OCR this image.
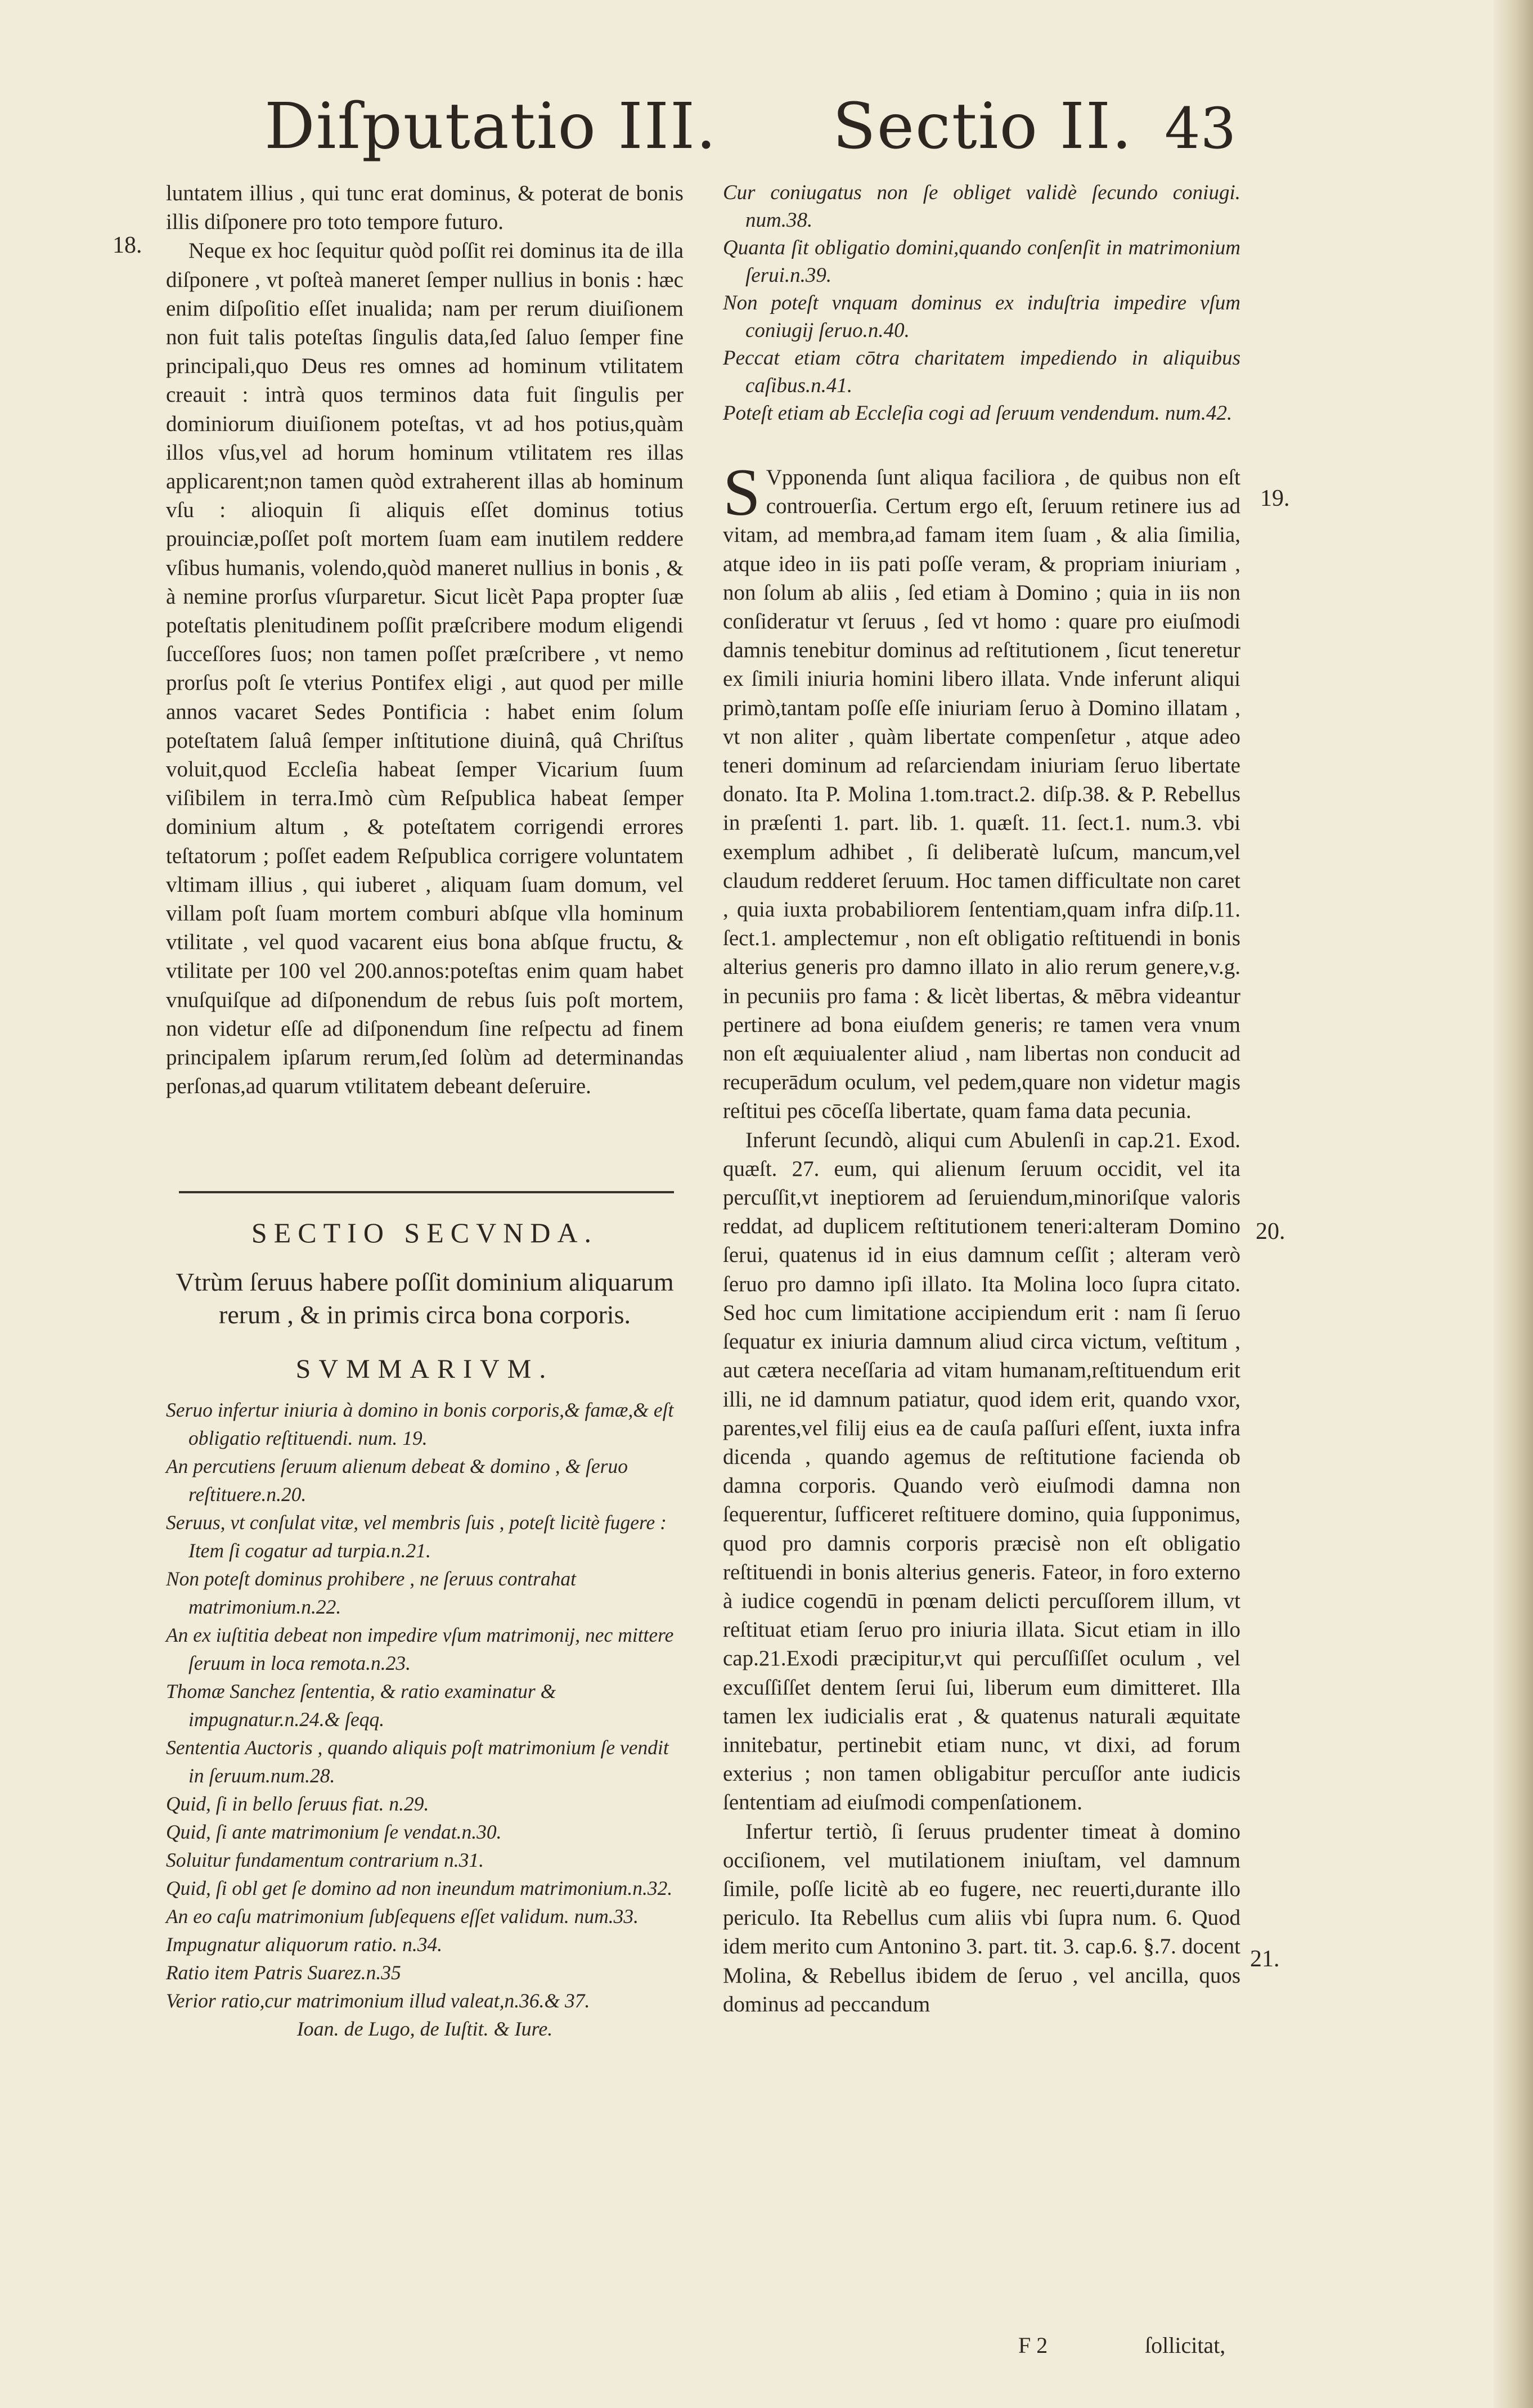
Diſputatio III. Sectio II. 43
18.
19.
20.
21.

luntatem illius , qui tunc erat dominus, & poterat de bonis illis diſponere pro toto tempore futuro.

Neque ex hoc ſequitur quòd poſſit rei dominus ita de illa diſponere , vt poſteà maneret ſemper nullius in bonis : hæc enim diſpoſitio eſſet inualida; nam per rerum diuiſionem non fuit talis poteſtas ſingulis data,ſed ſaluo ſemper fine principali,quo Deus res omnes ad hominum vtilitatem creauit : intrà quos terminos data fuit ſingulis per dominiorum diuiſionem poteſtas, vt ad hos potius,quàm illos vſus,vel ad horum hominum vtilitatem res illas applicarent;non tamen quòd extraherent illas ab hominum vſu : alioquin ſi aliquis eſſet dominus totius prouinciæ,poſſet poſt mortem ſuam eam inutilem reddere vſibus humanis, volendo,quòd maneret nullius in bonis , & à nemine prorſus vſurparetur. Sicut licèt Papa propter ſuæ poteſtatis plenitudinem poſſit præſcribere modum eligendi ſucceſſores ſuos; non tamen poſſet præſcribere , vt nemo prorſus poſt ſe vterius Pontifex eligi , aut quod per mille annos vacaret Sedes Pontificia : habet enim ſolum poteſtatem ſaluâ ſemper inſtitutione diuinâ, quâ Chriſtus voluit,quod Eccleſia habeat ſemper Vicarium ſuum viſibilem in terra.Imò cùm Reſpublica habeat ſemper dominium altum , & poteſtatem corrigendi errores teſtatorum ; poſſet eadem Reſpublica corrigere voluntatem vltimam illius , qui iuberet , aliquam ſuam domum, vel villam poſt ſuam mortem comburi abſque vlla hominum vtilitate , vel quod vacarent eius bona abſque fructu, & vtilitate per 100 vel 200.annos:poteſtas enim quam habet vnuſquiſque ad diſponendum de rebus ſuis poſt mortem, non videtur eſſe ad diſponendum ſine reſpectu ad finem principalem ipſarum rerum,ſed ſolùm ad determinandas perſonas,ad quarum vtilitatem debeant deſeruire.

SECTIO SECVNDA.
Vtrùm ſeruus habere poſſit dominium aliquarum rerum , & in primis circa bona corporis.
SVMMARIVM.
Seruo infertur iniuria à domino in bonis corporis,& famæ,& eſt obligatio reſtituendi. num. 19.
An percutiens ſeruum alienum debeat & domino , & ſeruo reſtituere.n.20.
Seruus, vt conſulat vitæ, vel membris ſuis , poteſt licitè fugere : Item ſi cogatur ad turpia.n.21.
Non poteſt dominus prohibere , ne ſeruus contrahat matrimonium.n.22.
An ex iuſtitia debeat non impedire vſum matrimonij, nec mittere ſeruum in loca remota.n.23.
Thomæ Sanchez ſententia, & ratio examinatur & impugnatur.n.24.& ſeqq.
Sententia Auctoris , quando aliquis poſt matrimonium ſe vendit in ſeruum.num.28.
Quid, ſi in bello ſeruus fiat. n.29.
Quid, ſi ante matrimonium ſe vendat.n.30.
Soluitur fundamentum contrarium n.31.
Quid, ſi obl get ſe domino ad non ineundum matrimonium.n.32.
An eo caſu matrimonium ſubſequens eſſet validum. num.33.
Impugnatur aliquorum ratio. n.34.
Ratio item Patris Suarez.n.35
Verior ratio,cur matrimonium illud valeat,n.36.& 37.
Ioan. de Lugo, de Iuſtit. & Iure.
Cur coniugatus non ſe obliget validè ſecundo coniugi. num.38.
Quanta ſit obligatio domini,quando conſenſit in matrimonium ſerui.n.39.
Non poteſt vnquam dominus ex induſtria impedire vſum coniugij ſeruo.n.40.
Peccat etiam cōtra charitatem impediendo in aliquibus caſibus.n.41.
Poteſt etiam ab Eccleſia cogi ad ſeruum vendendum. num.42.

S Vpponenda ſunt aliqua faciliora , de quibus non eſt controuerſia. Certum ergo eſt, ſeruum retinere ius ad vitam, ad membra,ad famam item ſuam , & alia ſimilia, atque ideo in iis pati poſſe veram, & propriam iniuriam , non ſolum ab aliis , ſed etiam à Domino ; quia in iis non conſideratur vt ſeruus , ſed vt homo : quare pro eiuſmodi damnis tenebitur dominus ad reſtitutionem , ſicut teneretur ex ſimili iniuria homini libero illata. Vnde inferunt aliqui primò,tantam poſſe eſſe iniuriam ſeruo à Domino illatam , vt non aliter , quàm libertate compenſetur , atque adeo teneri dominum ad reſarciendam iniuriam ſeruo libertate donato. Ita P. Molina 1.tom.tract.2. diſp.38. & P. Rebellus in præſenti 1. part. lib. 1. quæſt. 11. ſect.1. num.3. vbi exemplum adhibet , ſi deliberatè luſcum, mancum,vel claudum redderet ſeruum. Hoc tamen difficultate non caret , quia iuxta probabiliorem ſententiam,quam infra diſp.11. ſect.1. amplectemur , non eſt obligatio reſtituendi in bonis alterius generis pro damno illato in alio rerum genere,v.g. in pecuniis pro fama : & licèt libertas, & mēbra videantur pertinere ad bona eiuſdem generis; re tamen vera vnum non eſt æquiualenter aliud , nam libertas non conducit ad recuperādum oculum, vel pedem,quare non videtur magis reſtitui pes cōceſſa libertate, quam fama data pecunia.

Inferunt ſecundò, aliqui cum Abulenſi in cap.21. Exod. quæſt. 27. eum, qui alienum ſeruum occidit, vel ita percuſſit,vt ineptiorem ad ſeruiendum,minoriſque valoris reddat, ad duplicem reſtitutionem teneri:alteram Domino ſerui, quatenus id in eius damnum ceſſit ; alteram verò ſeruo pro damno ipſi illato. Ita Molina loco ſupra citato. Sed hoc cum limitatione accipiendum erit : nam ſi ſeruo ſequatur ex iniuria damnum aliud circa victum, veſtitum , aut cætera neceſſaria ad vitam humanam,reſtituendum erit illi, ne id damnum patiatur, quod idem erit, quando vxor, parentes,vel filij eius ea de cauſa paſſuri eſſent, iuxta infra dicenda , quando agemus de reſtitutione facienda ob damna corporis. Quando verò eiuſmodi damna non ſequerentur, ſufficeret reſtituere domino, quia ſupponimus, quod pro damnis corporis præcisè non eſt obligatio reſtituendi in bonis alterius generis. Fateor, in foro externo à iudice cogendū in pœnam delicti percuſſorem illum, vt reſtituat etiam ſeruo pro iniuria illata. Sicut etiam in illo cap.21.Exodi præcipitur,vt qui percuſſiſſet oculum , vel excuſſiſſet dentem ſerui ſui, liberum eum dimitteret. Illa tamen lex iudicialis erat , & quatenus naturali æquitate innitebatur, pertinebit etiam nunc, vt dixi, ad forum exterius ; non tamen obligabitur percuſſor ante iudicis ſententiam ad eiuſmodi compenſationem.

Infertur tertiò, ſi ſeruus prudenter timeat à domino occiſionem, vel mutilationem iniuſtam, vel damnum ſimile, poſſe licitè ab eo fugere, nec reuerti,durante illo periculo. Ita Rebellus cum aliis vbi ſupra num. 6. Quod idem merito cum Antonino 3. part. tit. 3. cap.6. §.7. docent Molina, & Rebellus ibidem de ſeruo , vel ancilla, quos dominus ad peccandum

F 2	ſollicitat,
